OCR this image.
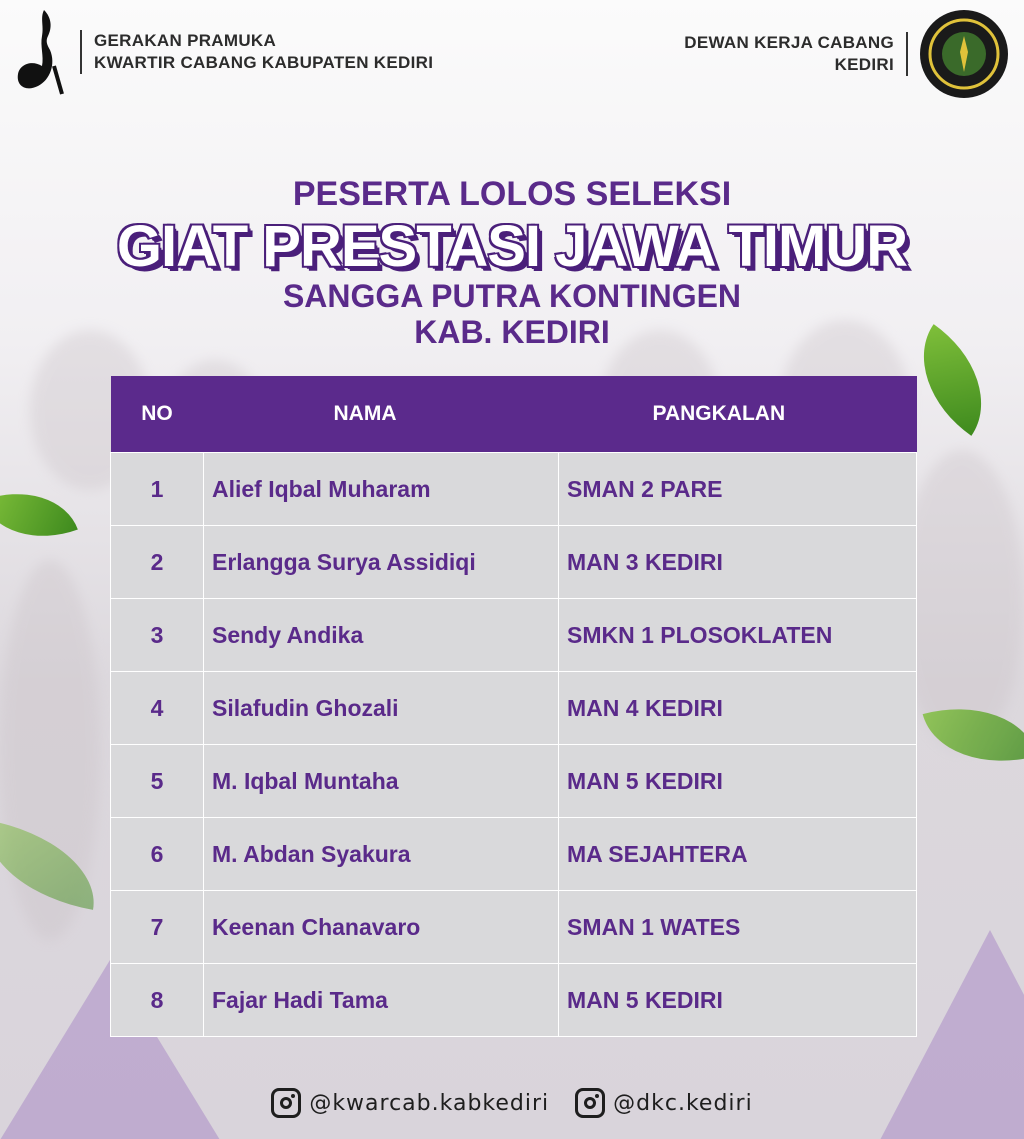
GERAKAN PRAMUKA
KWARTIR CABANG KABUPATEN KEDIRI
DEWAN KERJA CABANG
KEDIRI
PESERTA LOLOS SELEKSI
GIAT PRESTASI JAWA TIMUR
SANGGA PUTRA KONTINGEN
KAB. KEDIRI
NO	NAMA	PANGKALAN
1	Alief Iqbal Muharam	SMAN 2 PARE
2	Erlangga Surya Assidiqi	MAN 3 KEDIRI
3	Sendy Andika	SMKN 1 PLOSOKLATEN
4	Silafudin Ghozali	MAN 4 KEDIRI
5	M. Iqbal Muntaha	MAN 5 KEDIRI
6	M. Abdan Syakura	MA SEJAHTERA
7	Keenan Chanavaro	SMAN 1 WATES
8	Fajar Hadi Tama	MAN 5 KEDIRI
@kwarcab.kabkediri	@dkc.kediri
